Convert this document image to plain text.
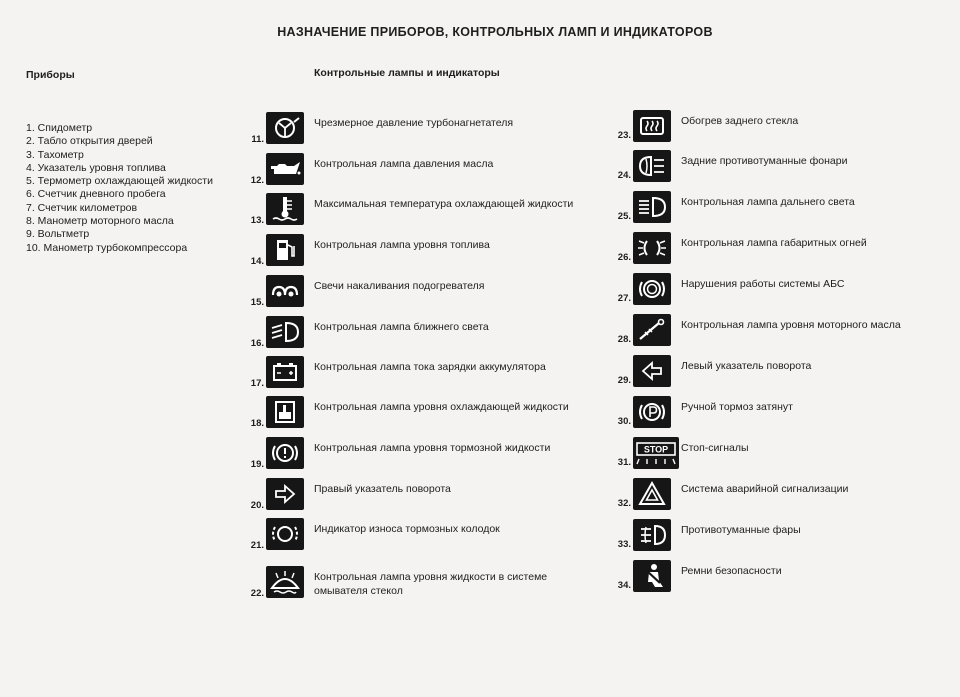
НАЗНАЧЕНИЕ ПРИБОРОВ, КОНТРОЛЬНЫХ ЛАМП И ИНДИКАТОРОВ
Приборы	Контрольные лампы и индикаторы
1. Спидометр
2. Табло открытия дверей
3. Тахометр
4. Указатель уровня топлива
5. Термометр охлаждающей жидкости
6. Счетчик дневного пробега
7. Счетчик километров
8. Манометр моторного масла
9. Вольтметр
10. Манометр турбокомпрессора
11.
Чрезмерное давление турбонагнетателя
12.
Контрольная лампа давления масла
13.
Максимальная температура охлаждающей жидкости
14.
Контрольная лампа уровня топлива
15.
Свечи накаливания подогревателя
16.
Контрольная лампа ближнего света
17.
Контрольная лампа тока зарядки аккумулятора
18.
Контрольная лампа уровня охлаждающей жидкости
19.
Контрольная лампа уровня тормозной жидкости
20.
Правый указатель поворота
21.
Индикатор износа тормозных колодок
22.
Контрольная лампа уровня жидкости в системе
омывателя стекол
23.
Обогрев заднего стекла
24.
Задние противотуманные фонари
25.
Контрольная лампа дальнего света
26.
Контрольная лампа габаритных огней
27.
Нарушения работы системы АБС
28.
Контрольная лампа уровня моторного масла
29.
Левый указатель поворота
30.
Ручной тормоз затянут
31.
STOP Стоп-сигналы
32.
Система аварийной сигнализации
33.
Противотуманные фары
34.
Ремни безопасности
